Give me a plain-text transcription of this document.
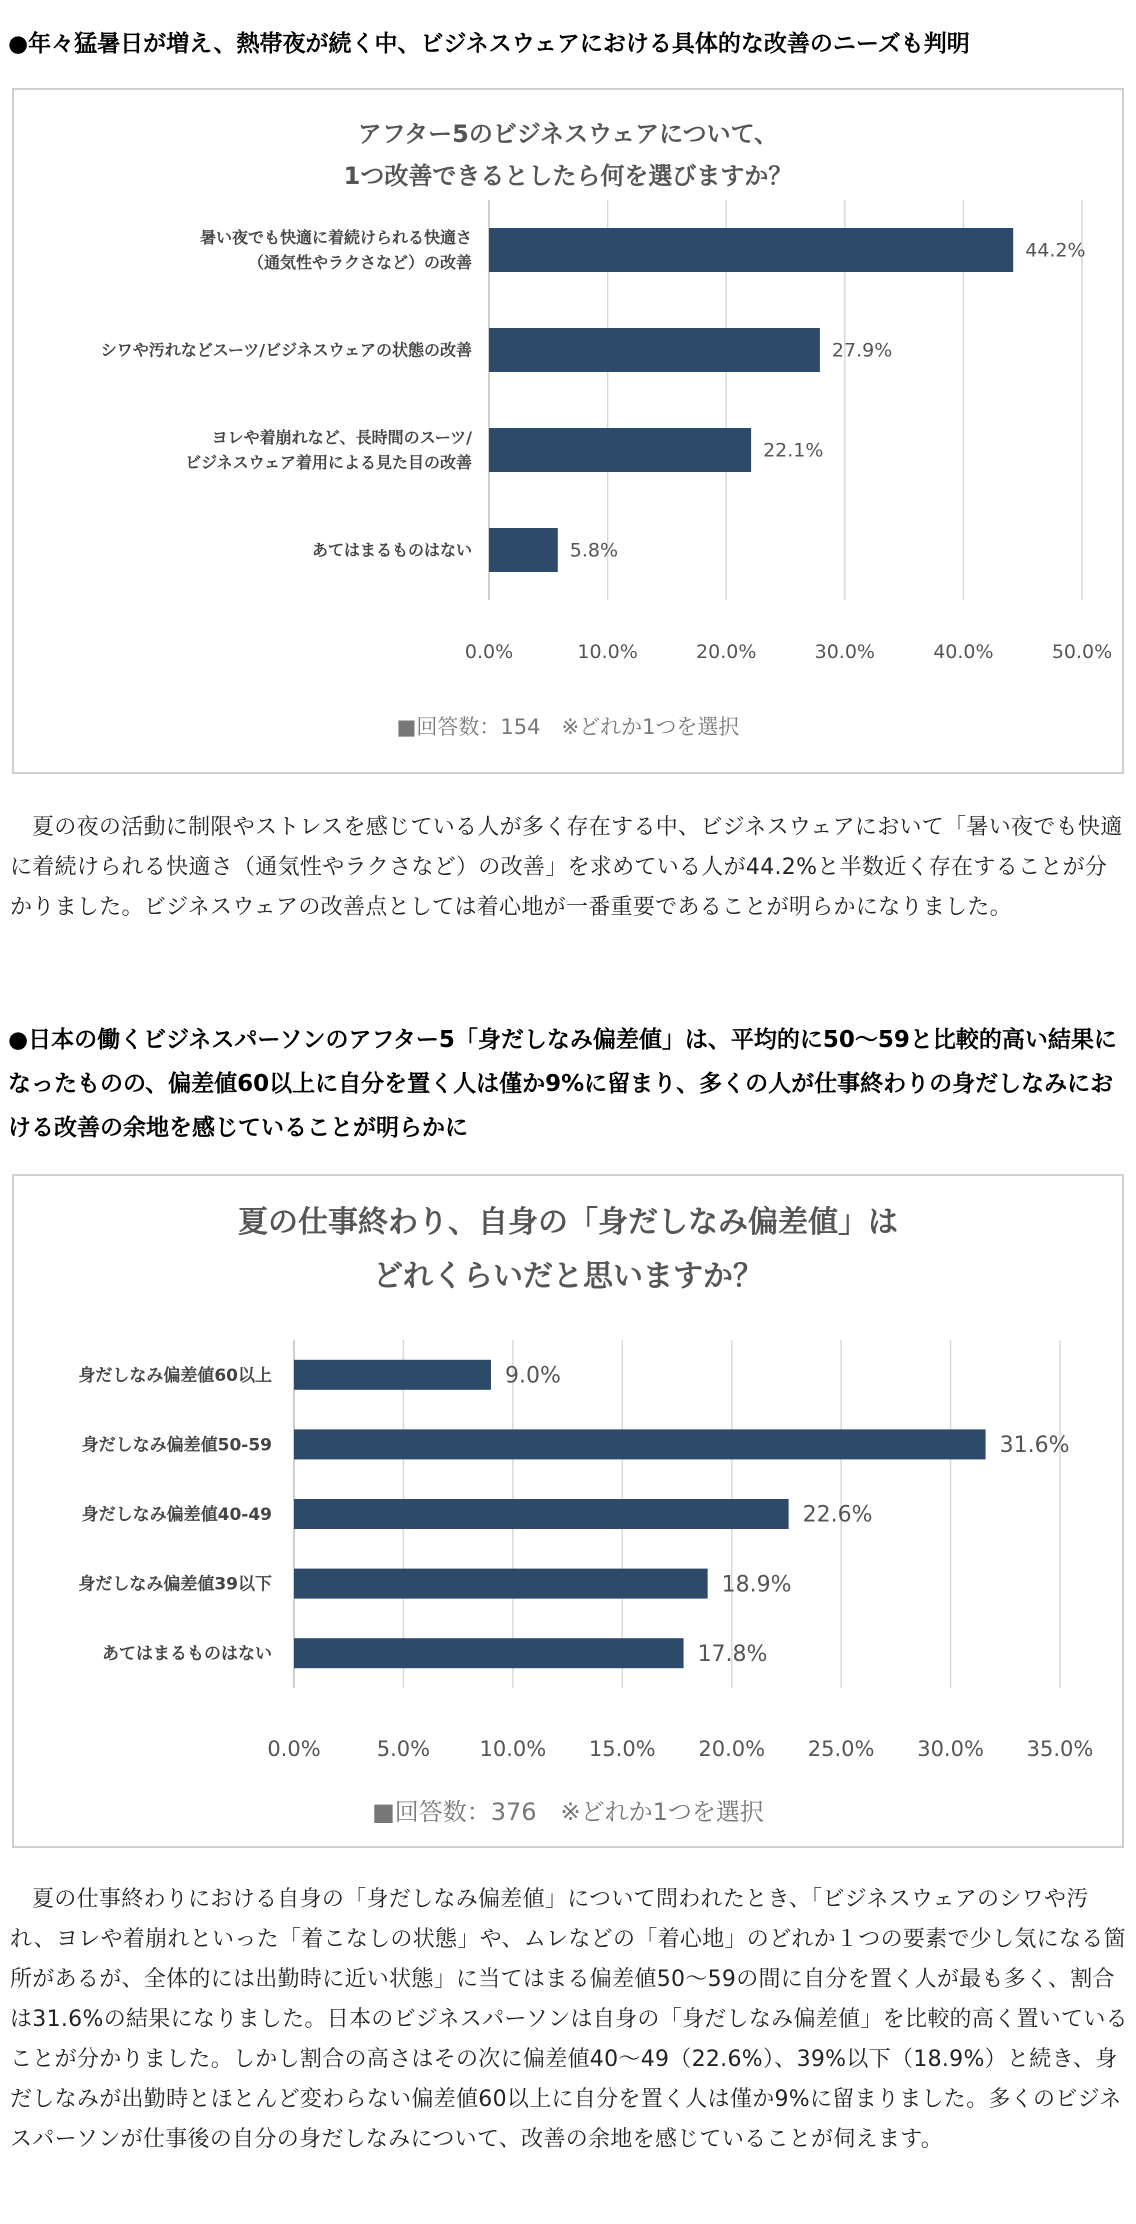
●年々猛暑日が増え、熱帯夜が続く中、ビジネスウェアにおける具体的な改善のニーズも判明
アフター5のビジネスウェアについて、
1つ改善できるとしたら何を選びますか？
0.0%	10.0%	20.0%	30.0%	40.0%	50.0%
44.2%
暑い夜でも快適に着続けられる快適さ
（通気性やラクさなど）の改善
27.9%
シワや汚れなどスーツ/ビジネスウェアの状態の改善
22.1%
ヨレや着崩れなど、長時間のスーツ/
ビジネスウェア着用による見た目の改善
5.8%
あてはまるものはない
■回答数：154　※どれか1つを選択

夏の夜の活動に制限やストレスを感じている人が多く存在する中、ビジネスウェアにおいて「暑い夜でも快適に着続けられる快適さ（通気性やラクさなど）の改善」を求めている人が44.2%と半数近く存在することが分かりました。ビジネスウェアの改善点としては着心地が一番重要であることが明らかになりました。

●日本の働くビジネスパーソンのアフター5「身だしなみ偏差値」は、平均的に50〜59と比較的高い結果になったものの、偏差値60以上に自分を置く人は僅か9%に留まり、多くの人が仕事終わりの身だしなみにおける改善の余地を感じていることが明らかに
夏の仕事終わり、自身の「身だしなみ偏差値」は
どれくらいだと思いますか？
0.0%	5.0% 10.0% 15.0% 20.0% 25.0% 30.0% 35.0%
9.0%
身だしなみ偏差値60以上
31.6%
身だしなみ偏差値50-59
22.6%
身だしなみ偏差値40-49
18.9%
身だしなみ偏差値39以下
17.8%
あてはまるものはない
■回答数：376　※どれか1つを選択

夏の仕事終わりにおける自身の「身だしなみ偏差値」について問われたとき、「ビジネスウェアのシワや汚れ、ヨレや着崩れといった「着こなしの状態」や、ムレなどの「着心地」のどれか１つの要素で少し気になる箇所があるが、全体的には出勤時に近い状態」に当てはまる偏差値50〜59の間に自分を置く人が最も多く、割合は31.6%の結果になりました。日本のビジネスパーソンは自身の「身だしなみ偏差値」を比較的高く置いていることが分かりました。しかし割合の高さはその次に偏差値40〜49（22.6%）、39%以下（18.9%）と続き、身だしなみが出勤時とほとんど変わらない偏差値60以上に自分を置く人は僅か9%に留まりました。多くのビジネスパーソンが仕事後の自分の身だしなみについて、改善の余地を感じていることが伺えます。
